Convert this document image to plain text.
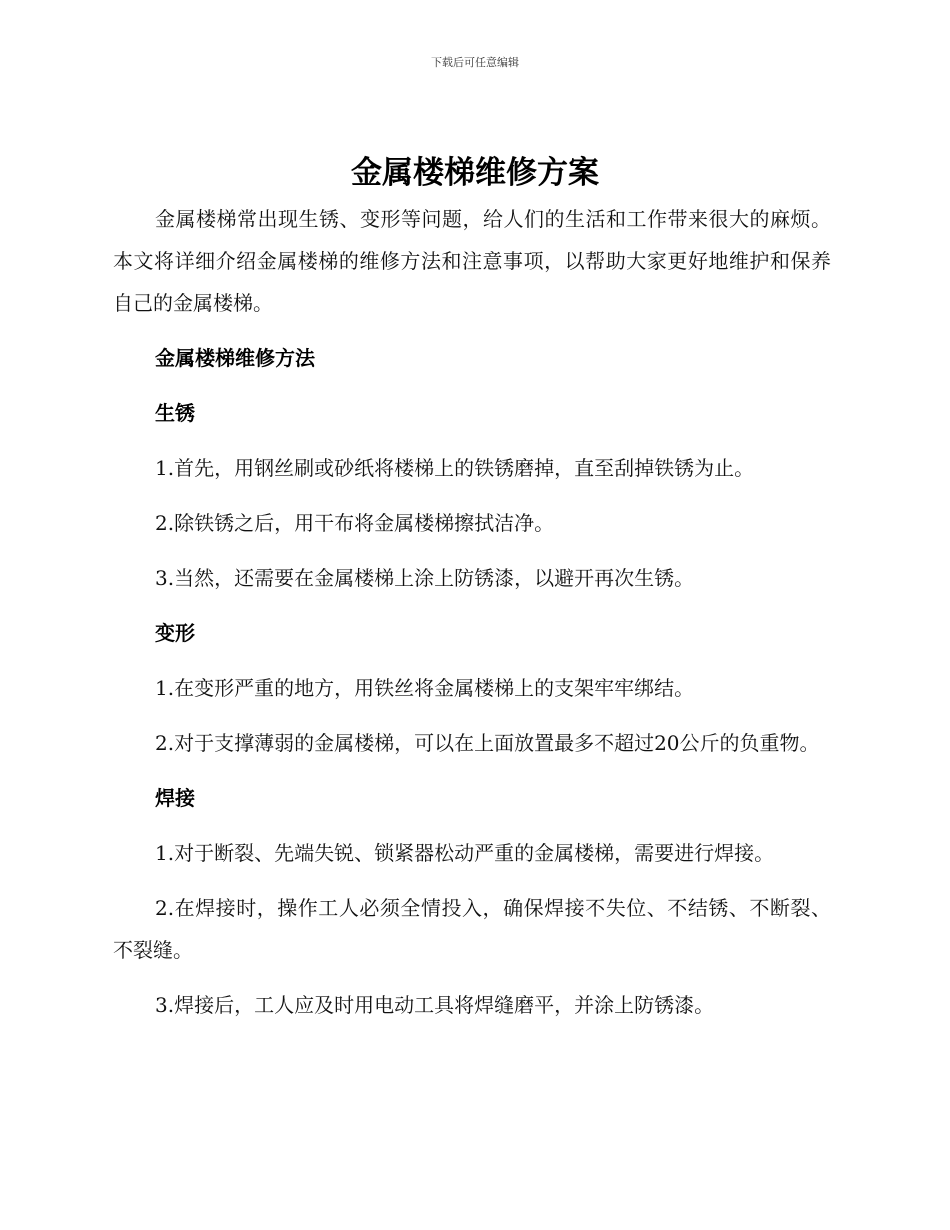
下载后可任意编辑
金属楼梯维修方案

金属楼梯常出现生锈、变形等问题，给人们的生活和工作带来很大的麻烦。本文将详细介绍金属楼梯的维修方法和注意事项，以帮助大家更好地维护和保养自己的金属楼梯。

金属楼梯维修方法
生锈

1.首先，用钢丝刷或砂纸将楼梯上的铁锈磨掉，直至刮掉铁锈为止。

2.除铁锈之后，用干布将金属楼梯擦拭洁净。

3.当然，还需要在金属楼梯上涂上防锈漆，以避开再次生锈。

变形

1.在变形严重的地方，用铁丝将金属楼梯上的支架牢牢绑结。

2.对于支撑薄弱的金属楼梯，可以在上面放置最多不超过20公斤的负重物。

焊接

1.对于断裂、先端失锐、锁紧器松动严重的金属楼梯，需要进行焊接。

2.在焊接时，操作工人必须全情投入，确保焊接不失位、不结锈、不断裂、不裂缝。

3.焊接后，工人应及时用电动工具将焊缝磨平，并涂上防锈漆。
